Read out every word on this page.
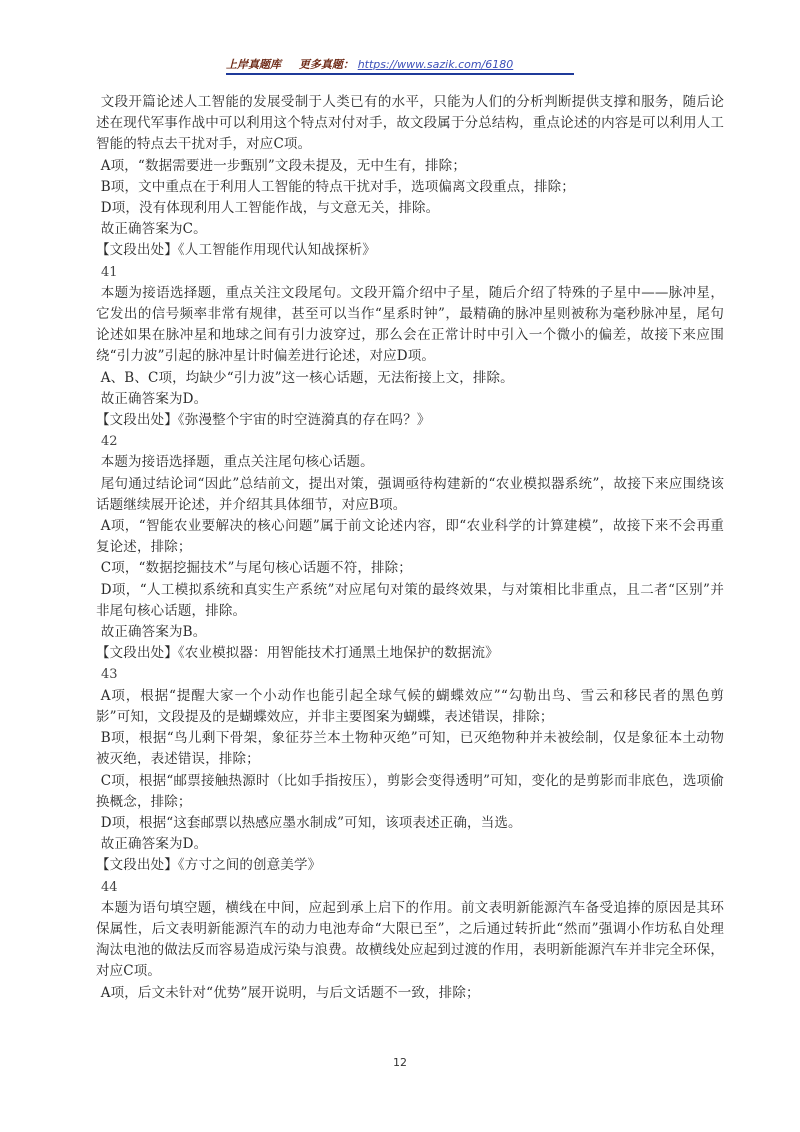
上岸真题库 更多真题： https://www.sazik.com/6180

文段开篇论述人工智能的发展受制于人类已有的水平，只能为人们的分析判断提供支撑和服务，随后论述在现代军事作战中可以利用这个特点对付对手，故文段属于分总结构，重点论述的内容是可以利用人工智能的特点去干扰对手，对应C项。

A项，“数据需要进一步甄别”文段未提及，无中生有，排除；

B项，文中重点在于利用人工智能的特点干扰对手，选项偏离文段重点，排除；

D项，没有体现利用人工智能作战，与文意无关，排除。

故正确答案为C。

【文段出处】《人工智能作用现代认知战探析》

41

本题为接语选择题，重点关注文段尾句。文段开篇介绍中子星，随后介绍了特殊的子星中——脉冲星，它发出的信号频率非常有规律，甚至可以当作“星系时钟”，最精确的脉冲星则被称为毫秒脉冲星，尾句论述如果在脉冲星和地球之间有引力波穿过，那么会在正常计时中引入一个微小的偏差，故接下来应围绕“引力波”引起的脉冲星计时偏差进行论述，对应D项。

A、B、C项，均缺少“引力波”这一核心话题，无法衔接上文，排除。

故正确答案为D。

【文段出处】《弥漫整个宇宙的时空涟漪真的存在吗？》

42

本题为接语选择题，重点关注尾句核心话题。

尾句通过结论词“因此”总结前文，提出对策，强调亟待构建新的“农业模拟器系统”，故接下来应围绕该话题继续展开论述，并介绍其具体细节，对应B项。

A项，“智能农业要解决的核心问题”属于前文论述内容，即“农业科学的计算建模”，故接下来不会再重复论述，排除；

C项，“数据挖掘技术”与尾句核心话题不符，排除；

D项，“人工模拟系统和真实生产系统”对应尾句对策的最终效果，与对策相比非重点，且二者“区别”并非尾句核心话题，排除。

故正确答案为B。

【文段出处】《农业模拟器：用智能技术打通黑土地保护的数据流》

43

A项，根据“提醒大家一个小动作也能引起全球气候的蝴蝶效应”“勾勒出鸟、雪云和移民者的黑色剪影”可知，文段提及的是蝴蝶效应，并非主要图案为蝴蝶，表述错误，排除；

B项，根据“鸟儿剩下骨架，象征芬兰本土物种灭绝”可知，已灭绝物种并未被绘制，仅是象征本土动物被灭绝，表述错误，排除；

C项，根据“邮票接触热源时（比如手指按压），剪影会变得透明”可知，变化的是剪影而非底色，选项偷换概念，排除；

D项，根据“这套邮票以热感应墨水制成”可知，该项表述正确，当选。

故正确答案为D。

【文段出处】《方寸之间的创意美学》

44

本题为语句填空题，横线在中间，应起到承上启下的作用。前文表明新能源汽车备受追捧的原因是其环保属性，后文表明新能源汽车的动力电池寿命“大限已至”，之后通过转折此“然而”强调小作坊私自处理淘汰电池的做法反而容易造成污染与浪费。故横线处应起到过渡的作用，表明新能源汽车并非完全环保，对应C项。

A项，后文未针对“优势”展开说明，与后文话题不一致，排除；

12
